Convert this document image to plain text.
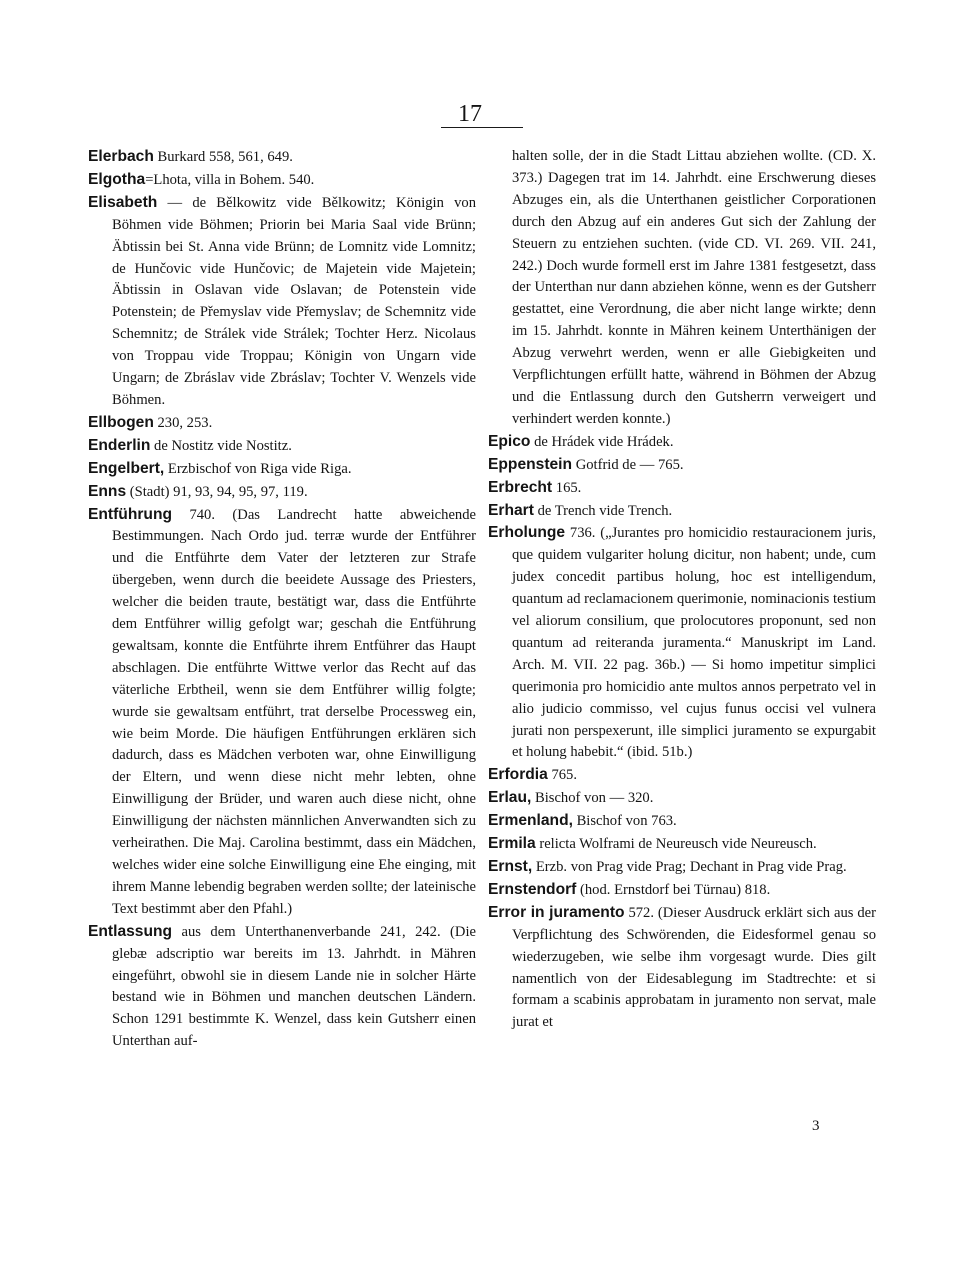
17

Elerbach Burkard 558, 561, 649.

Elgotha=Lhota, villa in Bohem. 540.

Elisabeth — de Bělkowitz vide Bělkowitz; Königin von Böhmen vide Böhmen; Priorin bei Maria Saal vide Brünn; Äbtissin bei St. Anna vide Brünn; de Lomnitz vide Lomnitz; de Hunčovic vide Hunčovic; de Majetein vide Majetein; Äbtissin in Oslavan vide Oslavan; de Potenstein vide Potenstein; de Přemyslav vide Přemyslav; de Schemnitz vide Schemnitz; de Strálek vide Strálek; Tochter Herz. Nicolaus von Troppau vide Troppau; Königin von Ungarn vide Ungarn; de Zbráslav vide Zbráslav; Tochter V. Wenzels vide Böhmen.

Ellbogen 230, 253.

Enderlin de Nostitz vide Nostitz.

Engelbert, Erzbischof von Riga vide Riga.

Enns (Stadt) 91, 93, 94, 95, 97, 119.

Entführung 740. (Das Landrecht hatte abweichende Bestimmungen. Nach Ordo jud. terræ wurde der Entführer und die Entführte dem Vater der letzteren zur Strafe übergeben, wenn durch die beeidete Aussage des Priesters, welcher die beiden traute, bestätigt war, dass die Entführte dem Entführer willig gefolgt war; geschah die Entführung gewaltsam, konnte die Entführte ihrem Entführer das Haupt abschlagen. Die entführte Wittwe verlor das Recht auf das väterliche Erbtheil, wenn sie dem Entführer willig folgte; wurde sie gewaltsam entführt, trat derselbe Processweg ein, wie beim Morde. Die häufigen Entführungen erklären sich dadurch, dass es Mädchen verboten war, ohne Einwilligung der Eltern, und wenn diese nicht mehr lebten, ohne Einwilligung der Brüder, und waren auch diese nicht, ohne Einwilligung der nächsten männlichen Anverwandten sich zu verheirathen. Die Maj. Carolina bestimmt, dass ein Mädchen, welches wider eine solche Einwilligung eine Ehe einging, mit ihrem Manne lebendig begraben werden sollte; der lateinische Text bestimmt aber den Pfahl.)

Entlassung aus dem Unterthanenverbande 241, 242. (Die glebæ adscriptio war bereits im 13. Jahrhdt. in Mähren eingeführt, obwohl sie in diesem Lande nie in solcher Härte bestand wie in Böhmen und manchen deutschen Ländern. Schon 1291 bestimmte K. Wenzel, dass kein Gutsherr einen Unterthan auf-

halten solle, der in die Stadt Littau abziehen wollte. (CD. X. 373.) Dagegen trat im 14. Jahrhdt. eine Erschwerung dieses Abzuges ein, als die Unterthanen geistlicher Corporationen durch den Abzug auf ein anderes Gut sich der Zahlung der Steuern zu entziehen suchten. (vide CD. VI. 269. VII. 241, 242.) Doch wurde formell erst im Jahre 1381 festgesetzt, dass der Unterthan nur dann abziehen könne, wenn es der Gutsherr gestattet, eine Verordnung, die aber nicht lange wirkte; denn im 15. Jahrhdt. konnte in Mähren keinem Unterthänigen der Abzug verwehrt werden, wenn er alle Giebigkeiten und Verpflichtungen erfüllt hatte, während in Böhmen der Abzug und die Entlassung durch den Gutsherrn verweigert und verhindert werden konnte.)

Epico de Hrádek vide Hrádek.

Eppenstein Gotfrid de — 765.

Erbrecht 165.

Erhart de Trench vide Trench.

Erholunge 736. („Jurantes pro homicidio restauracionem juris, que quidem vulgariter holung dicitur, non habent; unde, cum judex concedit partibus holung, hoc est intelligendum, quantum ad reclamacionem querimonie, nominacionis testium vel aliorum consilium, que prolocutores proponunt, sed non quantum ad reiteranda juramenta.“ Manuskript im Land. Arch. M. VII. 22 pag. 36b.) — Si homo impetitur simplici querimonia pro homicidio ante multos annos perpetrato vel in alio judicio commisso, vel cujus funus occisi vel vulnera jurati non perspexerunt, ille simplici juramento se expurgabit et holung habebit.“ (ibid. 51b.)

Erfordia 765.

Erlau, Bischof von — 320.

Ermenland, Bischof von 763.

Ermila relicta Wolframi de Neureusch vide Neureusch.

Ernst, Erzb. von Prag vide Prag; Dechant in Prag vide Prag.

Ernstendorf (hod. Ernstdorf bei Türnau) 818.

Error in juramento 572. (Dieser Ausdruck erklärt sich aus der Verpflichtung des Schwörenden, die Eidesformel genau so wiederzugeben, wie selbe ihm vorgesagt wurde. Dies gilt namentlich von der Eidesablegung im Stadtrechte: et si formam a scabinis approbatam in juramento non servat, male jurat et

3
